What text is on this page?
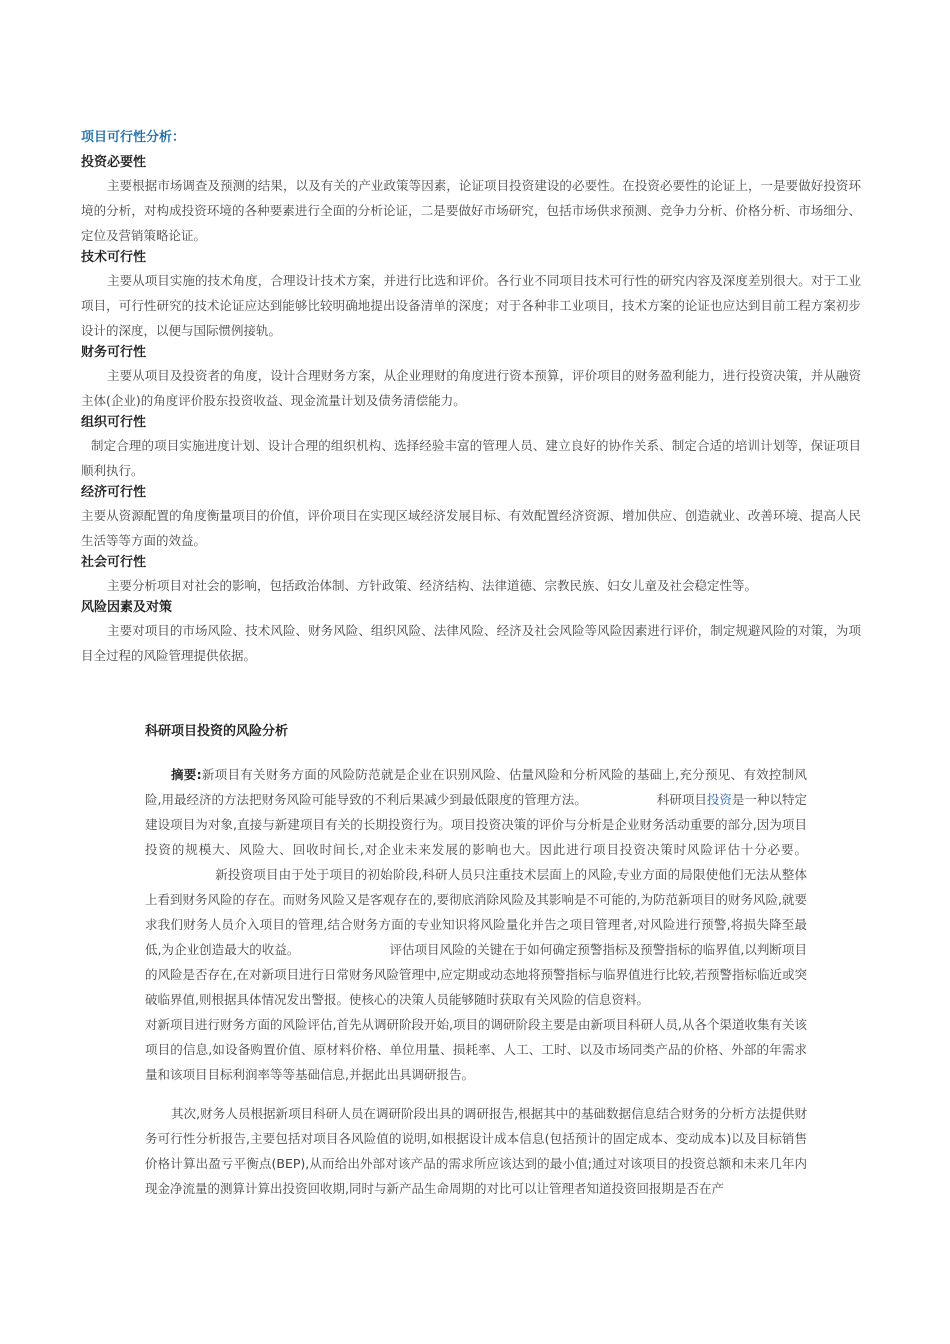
项目可行性分析：
投资必要性

主要根据市场调查及预测的结果，以及有关的产业政策等因素，论证项目投资建设的必要性。在投资必要性的论证上，一是要做好投资环境的分析，对构成投资环境的各种要素进行全面的分析论证，二是要做好市场研究，包括市场供求预测、竞争力分析、价格分析、市场细分、定位及营销策略论证。

技术可行性

主要从项目实施的技术角度，合理设计技术方案，并进行比选和评价。各行业不同项目技术可行性的研究内容及深度差别很大。对于工业项目，可行性研究的技术论证应达到能够比较明确地提出设备清单的深度；对于各种非工业项目，技术方案的论证也应达到目前工程方案初步设计的深度，以便与国际惯例接轨。

财务可行性

主要从项目及投资者的角度，设计合理财务方案，从企业理财的角度进行资本预算，评价项目的财务盈利能力，进行投资决策，并从融资主体(企业)的角度评价股东投资收益、现金流量计划及债务清偿能力。

组织可行性

制定合理的项目实施进度计划、设计合理的组织机构、选择经验丰富的管理人员、建立良好的协作关系、制定合适的培训计划等，保证项目顺利执行。

经济可行性

主要从资源配置的角度衡量项目的价值，评价项目在实现区域经济发展目标、有效配置经济资源、增加供应、创造就业、改善环境、提高人民生活等等方面的效益。

社会可行性

主要分析项目对社会的影响，包括政治体制、方针政策、经济结构、法律道德、宗教民族、妇女儿童及社会稳定性等。

风险因素及对策

主要对项目的市场风险、技术风险、财务风险、组织风险、法律风险、经济及社会风险等风险因素进行评价，制定规避风险的对策，为项目全过程的风险管理提供依据。

科研项目投资的风险分析

摘要:新项目有关财务方面的风险防范就是企业在识别风险、估量风险和分析风险的基础上,充分预见、有效控制风险,用最经济的方法把财务风险可能导致的不利后果减少到最低限度的管理方法。	科研项目投资是一种以特定建设项目为对象,直接与新建项目有关的长期投资行为。项目投资决策的评价与分析是企业财务活动重要的部分,因为项目投资的规模大、风险大、回收时间长,对企业未来发展的影响也大。因此进行项目投资决策时风险评估十分必要。新投资项目由于处于项目的初始阶段,科研人员只注重技术层面上的风险,专业方面的局限使他们无法从整体上看到财务风险的存在。而财务风险又是客观存在的,要彻底消除风险及其影响是不可能的,为防范新项目的财务风险,就要求我们财务人员介入项目的管理,结合财务方面的专业知识将风险量化并告之项目管理者,对风险进行预警,将损失降至最低,为企业创造最大的收益。	评估项目风险的关键在于如何确定预警指标及预警指标的临界值,以判断项目的风险是否存在,在对新项目进行日常财务风险管理中,应定期或动态地将预警指标与临界值进行比较,若预警指标临近或突破临界值,则根据具体情况发出警报。使核心的决策人员能够随时获取有关风险的信息资料。

对新项目进行财务方面的风险评估,首先从调研阶段开始,项目的调研阶段主要是由新项目科研人员,从各个渠道收集有关该项目的信息,如设备购置价值、原材料价格、单位用量、损耗率、人工、工时、以及市场同类产品的价格、外部的年需求量和该项目目标利润率等等基础信息,并据此出具调研报告。

其次,财务人员根据新项目科研人员在调研阶段出具的调研报告,根据其中的基础数据信息结合财务的分析方法提供财务可行性分析报告,主要包括对项目各风险值的说明,如根据设计成本信息(包括预计的固定成本、变动成本)以及目标销售价格计算出盈亏平衡点(BEP),从而给出外部对该产品的需求所应该达到的最小值;通过对该项目的投资总额和未来几年内现金净流量的测算计算出投资回收期,同时与新产品生命周期的对比可以让管理者知道投资回报期是否在产
